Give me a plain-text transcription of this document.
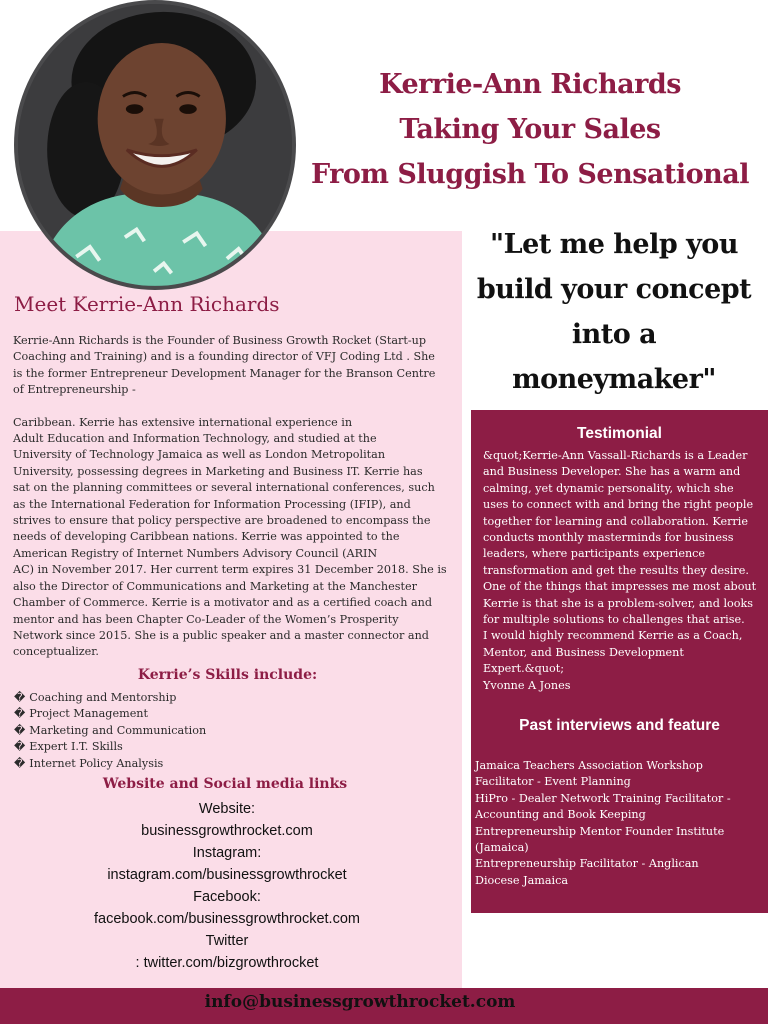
Kerrie-Ann Richards
Taking Your Sales
From Sluggish To Sensational
"Let me help you
build your concept
into a
moneymaker"
Meet Kerrie-Ann Richards

Kerrie-Ann Richards is the Founder of Business Growth Rocket (Start-up
Coaching and Training) and is a founding director of VFJ Coding Ltd . She
is the former Entrepreneur Development Manager for the Branson Centre
of Entrepreneurship -

Caribbean. Kerrie has extensive international experience in
Adult Education and Information Technology, and studied at the
University of Technology Jamaica as well as London Metropolitan
University, possessing degrees in Marketing and Business IT. Kerrie has
sat on the planning committees or several international conferences, such
as the International Federation for Information Processing (IFIP), and
strives to ensure that policy perspective are broadened to encompass the
needs of developing Caribbean nations. Kerrie was appointed to the
American Registry of Internet Numbers Advisory Council (ARIN
AC) in November 2017. Her current term expires 31 December 2018. She is
also the Director of Communications and Marketing at the Manchester
Chamber of Commerce. Kerrie is a motivator and as a certified coach and
mentor and has been Chapter Co-Leader of the Women’s Prosperity
Network since 2015. She is a public speaker and a master connector and
conceptualizer.

Kerrie’s Skills include:
� Coaching and Mentorship
� Project Management
� Marketing and Communication
� Expert I.T. Skills
� Internet Policy Analysis
Website and Social media links
Website:
businessgrowthrocket.com
Instagram:
instagram.com/businessgrowthrocket
Facebook:
facebook.com/businessgrowthrocket.com
Twitter
: twitter.com/bizgrowthrocket
Testimonial
&quot;Kerrie-Ann Vassall-Richards is a Leader
and Business Developer. She has a warm and
calming, yet dynamic personality, which she
uses to connect with and bring the right people
together for learning and collaboration. Kerrie
conducts monthly masterminds for business
leaders, where participants experience
transformation and get the results they desire.
One of the things that impresses me most about
Kerrie is that she is a problem-solver, and looks
for multiple solutions to challenges that arise.
I would highly recommend Kerrie as a Coach,
Mentor, and Business Development
Expert.&quot;
Yvonne A Jones
Past interviews and feature
Jamaica Teachers Association Workshop
Facilitator - Event Planning
HiPro - Dealer Network Training Facilitator -
Accounting and Book Keeping
Entrepreneurship Mentor Founder Institute
(Jamaica)
Entrepreneurship Facilitator - Anglican
Diocese Jamaica
info@businessgrowthrocket.com
